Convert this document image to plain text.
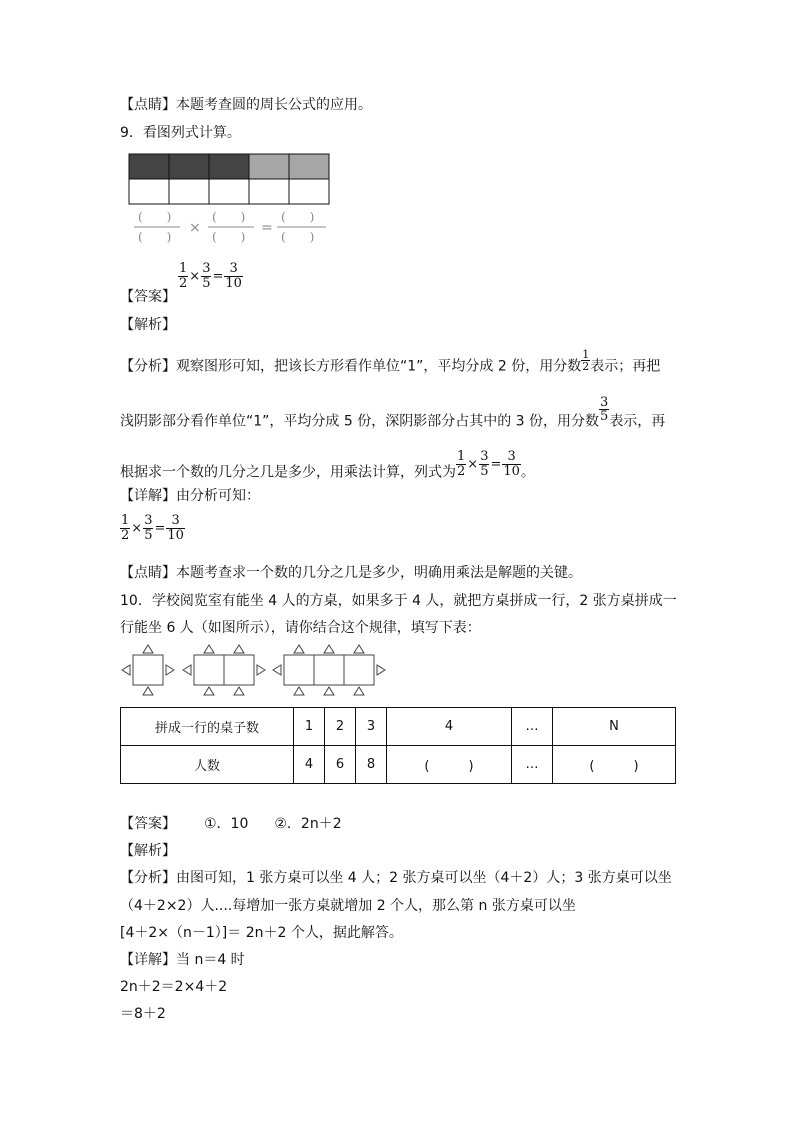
【点睛】本题考查圆的周长公式的应用。
9．看图列式计算。
(　　)
(　　)
×
(　　)
(　　)
=
(　　)
(　　)
【答案】
$\frac{1}{2} \times \frac{3}{5} = \frac{3}{10}$
【解析】
【分析】观察图形可知，把该长方形看作单位“1”，平均分成 2 份，用分数 $\frac{1}{2}$ 表示；再把
浅阴影部分看作单位“1”，平均分成 5 份，深阴影部分占其中的 3 份，用分数 $\frac{3}{5}$ 表示，再
根据求一个数的几分之几是多少，用乘法计算，列式为 $\frac{1}{2} \times \frac{3}{5} = \frac{3}{10}$ 。
【详解】由分析可知：
$\frac{1}{2} \times \frac{3}{5} = \frac{3}{10}$
【点睛】本题考查求一个数的几分之几是多少，明确用乘法是解题的关键。
10．学校阅览室有能坐 4 人的方桌，如果多于 4 人，就把方桌拼成一行，2 张方桌拼成一
行能坐 6 人（如图所示），请你结合这个规律，填写下表：
拼成一行的桌子数	1	2	3	4	…	N
人数	4	6	8	(　　　)	…	(　　　)
【答案】 ①．10 ②．2n＋2
【解析】
【分析】由图可知，1 张方桌可以坐 4 人；2 张方桌可以坐（4＋2）人；3 张方桌可以坐
（4＋2×2）人....每增加一张方桌就增加 2 个人，那么第 n 张方桌可以坐
[4＋2×（n－1）]＝ 2n＋2 个人，据此解答。
【详解】当 n＝4 时
2n＋2＝2×4＋2
＝8＋2
